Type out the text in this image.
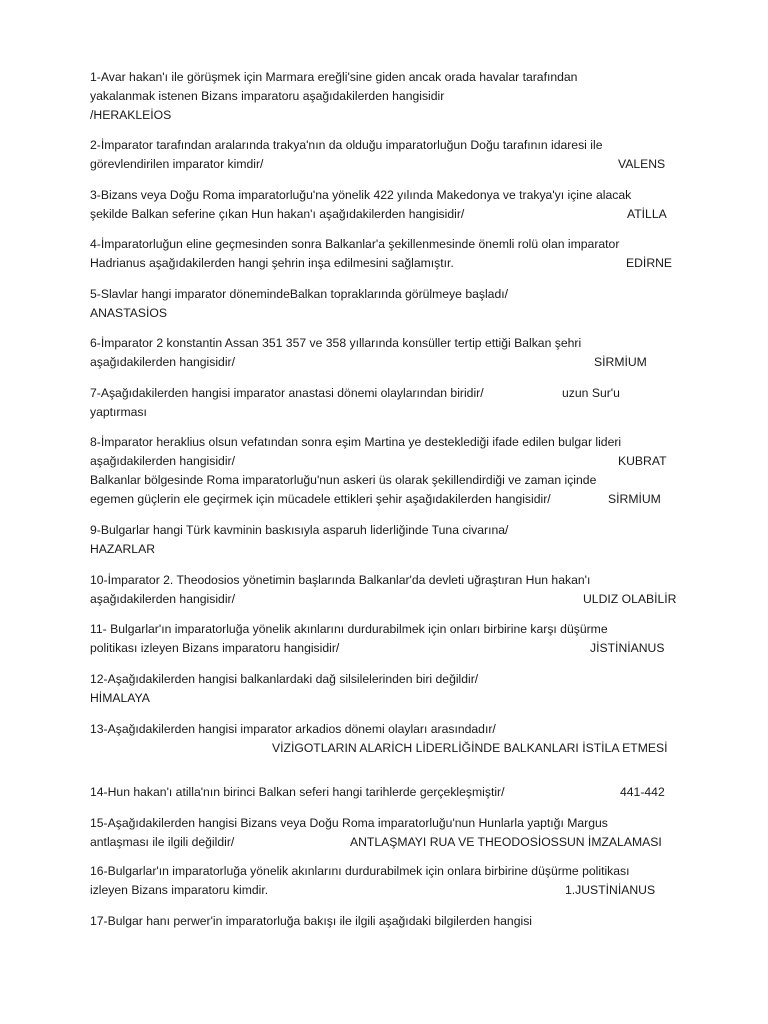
1-Avar hakan'ı ile görüşmek için Marmara ereğli'sine giden ancak orada havalar tarafından
yakalanmak istenen Bizans imparatoru aşağıdakilerden hangisidir
/HERAKLEİOS
2-İmparator tarafından aralarında trakya'nın da olduğu imparatorluğun Doğu tarafının idaresi ile
görevlendirilen imparator kimdir/	VALENS
3-Bizans veya Doğu Roma imparatorluğu'na yönelik 422 yılında Makedonya ve trakya'yı içine alacak
şekilde Balkan seferine çıkan Hun hakan'ı aşağıdakilerden hangisidir/	ATİLLA
4-İmparatorluğun eline geçmesinden sonra Balkanlar'a şekillenmesinde önemli rolü olan imparator
Hadrianus aşağıdakilerden hangi şehrin inşa edilmesini sağlamıştır.	EDİRNE
5-Slavlar hangi imparator dönemindeBalkan topraklarında görülmeye başladı/
ANASTASİOS
6-İmparator 2 konstantin Assan 351 357 ve 358 yıllarında konsüller tertip ettiği Balkan şehri
aşağıdakilerden hangisidir/	SİRMİUM
7-Aşağıdakilerden hangisi imparator anastasi dönemi olaylarından biridir/	uzun Sur'u
yaptırması
8-İmparator heraklius olsun vefatından sonra eşim Martina ye desteklediği ifade edilen bulgar lideri
aşağıdakilerden hangisidir/	KUBRAT
Balkanlar bölgesinde Roma imparatorluğu'nun askeri üs olarak şekillendirdiği ve zaman içinde
egemen güçlerin ele geçirmek için mücadele ettikleri şehir aşağıdakilerden hangisidir/	SİRMİUM
9-Bulgarlar hangi Türk kavminin baskısıyla asparuh liderliğinde Tuna civarına/
HAZARLAR
10-İmparator 2. Theodosios yönetimin başlarında Balkanlar'da devleti uğraştıran Hun hakan'ı
aşağıdakilerden hangisidir/	ULDIZ OLABİLİR
11- Bulgarlar'ın imparatorluğa yönelik akınlarını durdurabilmek için onları birbirine karşı düşürme
politikası izleyen Bizans imparatoru hangisidir/	JİSTİNİANUS
12-Aşağıdakilerden hangisi balkanlardaki dağ silsilelerinden biri değildir/
HİMALAYA
13-Aşağıdakilerden hangisi imparator arkadios dönemi olayları arasındadır/
VİZİGOTLARIN ALARİCH LİDERLİĞİNDE BALKANLARI İSTİLA ETMESİ
14-Hun hakan'ı atilla'nın birinci Balkan seferi hangi tarihlerde gerçekleşmiştir/	441-442
15-Aşağıdakilerden hangisi Bizans veya Doğu Roma imparatorluğu'nun Hunlarla yaptığı Margus
antlaşması ile ilgili değildir/	ANTLAŞMAYI RUA VE THEODOSİOSSUN İMZALAMASI
16-Bulgarlar'ın imparatorluğa yönelik akınlarını durdurabilmek için onlara birbirine düşürme politikası
izleyen Bizans imparatoru kimdir.	1.JUSTİNİANUS
17-Bulgar hanı perwer'in imparatorluğa bakışı ile ilgili aşağıdaki bilgilerden hangisi
